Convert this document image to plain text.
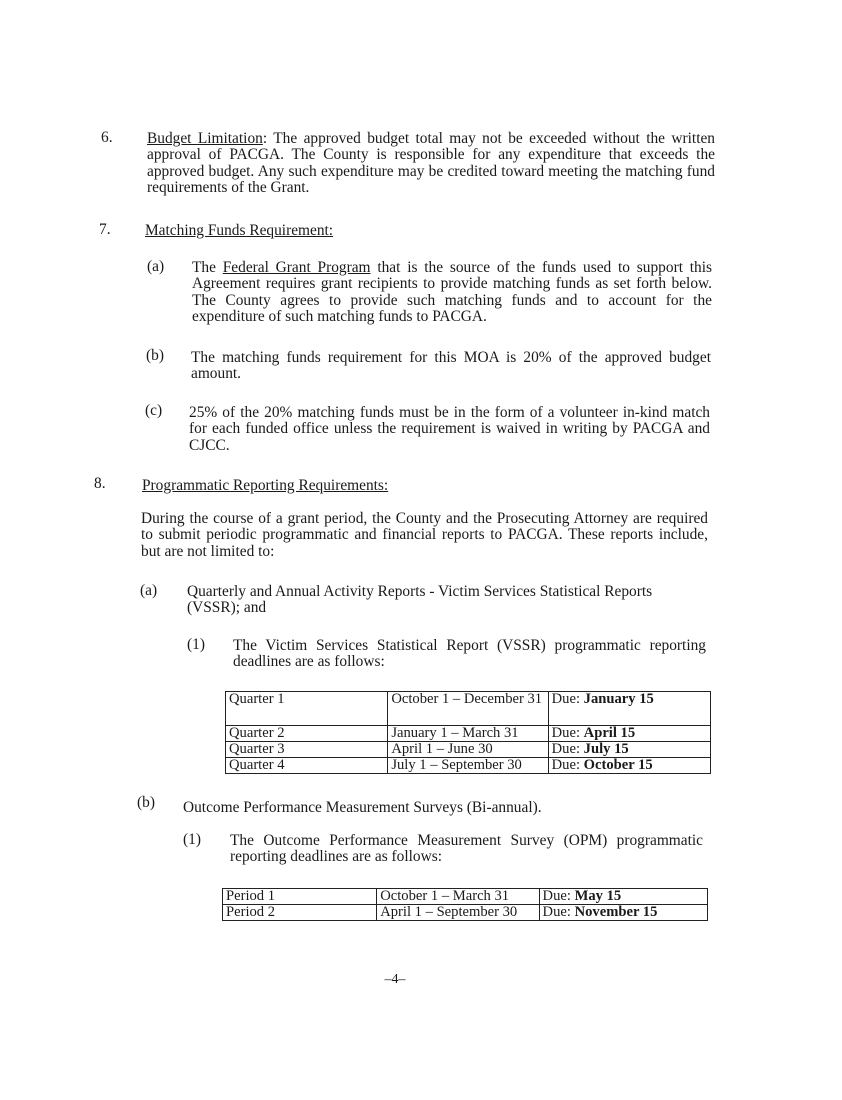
6. Budget Limitation: The approved budget total may not be exceeded without the written approval of PACGA. The County is responsible for any expenditure that exceeds the approved budget. Any such expenditure may be credited toward meeting the matching fund requirements of the Grant.
7. Matching Funds Requirement:
(a) The Federal Grant Program that is the source of the funds used to support this Agreement requires grant recipients to provide matching funds as set forth below. The County agrees to provide such matching funds and to account for the expenditure of such matching funds to PACGA.
(b) The matching funds requirement for this MOA is 20% of the approved budget amount.
(c) 25% of the 20% matching funds must be in the form of a volunteer in-kind match for each funded office unless the requirement is waived in writing by PACGA and CJCC.
8. Programmatic Reporting Requirements:
During the course of a grant period, the County and the Prosecuting Attorney are required to submit periodic programmatic and financial reports to PACGA. These reports include, but are not limited to:
(a) Quarterly and Annual Activity Reports - Victim Services Statistical Reports (VSSR); and
(1) The Victim Services Statistical Report (VSSR) programmatic reporting deadlines are as follows:
Quarter 1	October 1 – December 31	Due: January 15
Quarter 2	January 1 – March 31	Due: April 15
Quarter 3	April 1 – June 30	Due: July 15
Quarter 4	July 1 – September 30	Due: October 15
(b) Outcome Performance Measurement Surveys (Bi-annual).
(1) The Outcome Performance Measurement Survey (OPM) programmatic reporting deadlines are as follows:
Period 1	October 1 – March 31	Due: May 15
Period 2	April 1 – September 30	Due: November 15
–4–
